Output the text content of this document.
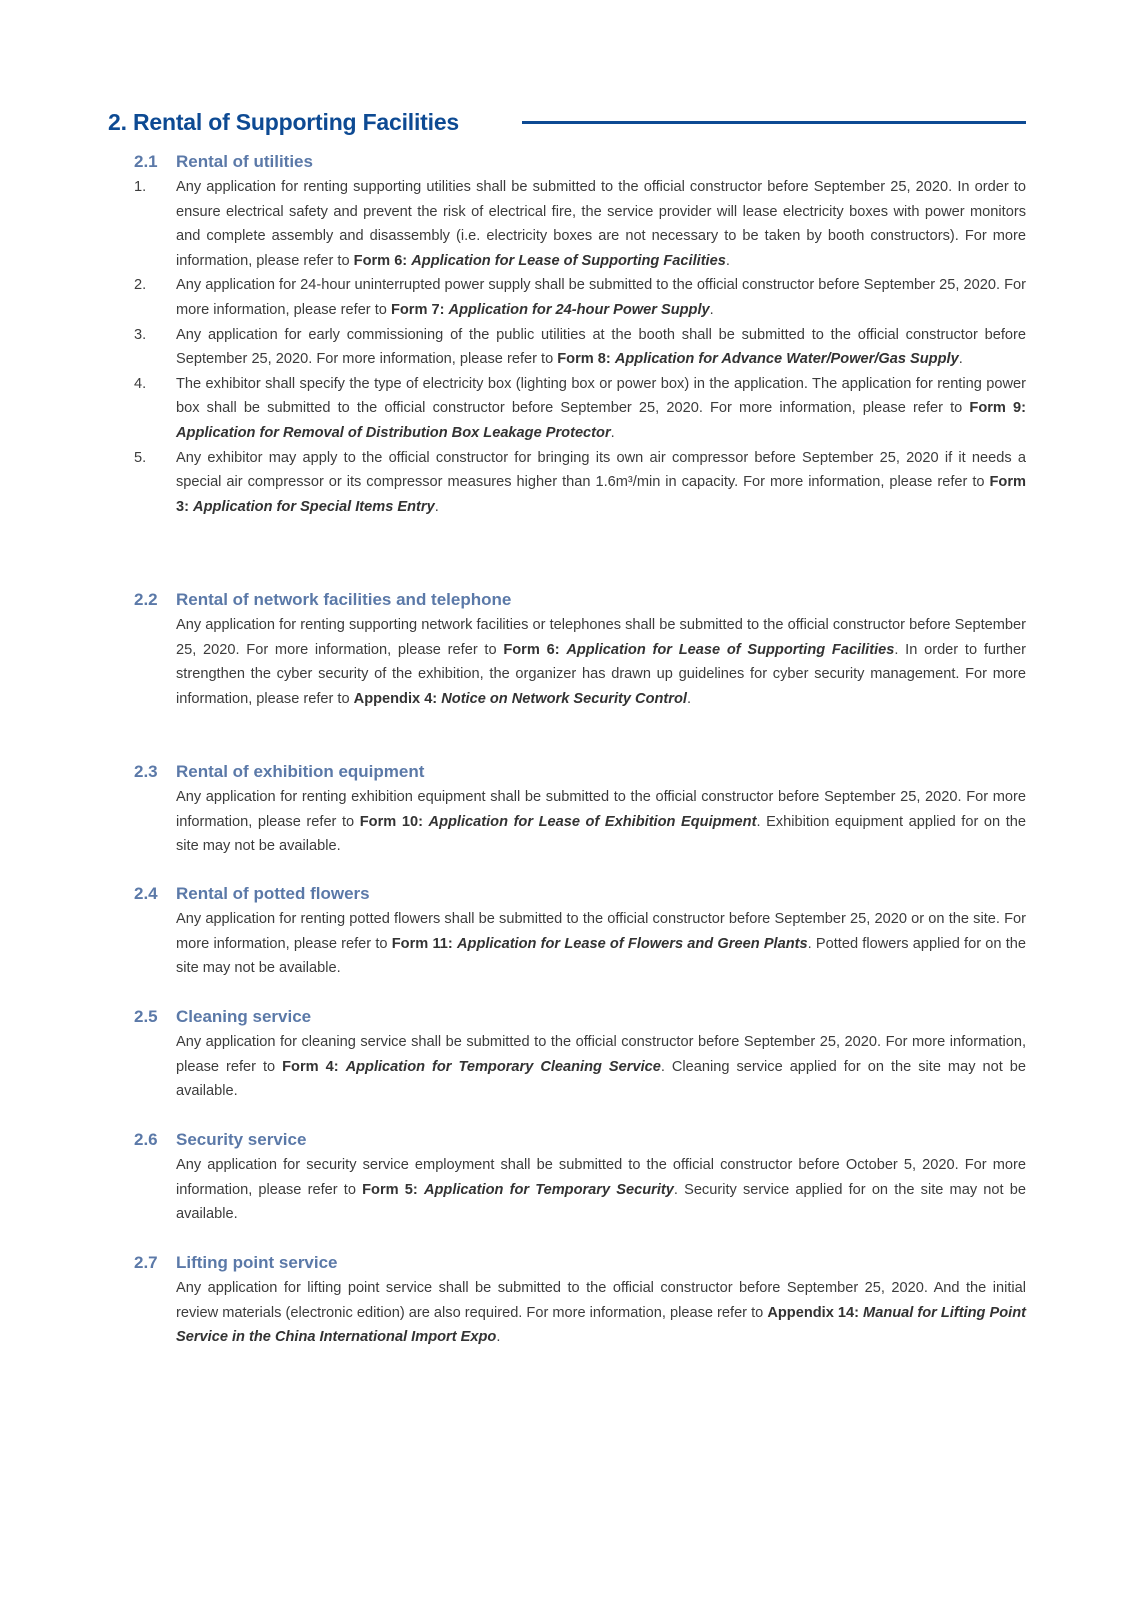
2. Rental of Supporting Facilities
2.1 Rental of utilities
1.	Any application for renting supporting utilities shall be submitted to the official constructor before September 25, 2020. In order to ensure electrical safety and prevent the risk of electrical fire, the service provider will lease electricity boxes with power monitors and complete assembly and disassembly (i.e. electricity boxes are not necessary to be taken by booth constructors). For more information, please refer to Form 6: Application for Lease of Supporting Facilities.
2.	Any application for 24-hour uninterrupted power supply shall be submitted to the official constructor before September 25, 2020. For more information, please refer to Form 7: Application for 24-hour Power Supply.
3.	Any application for early commissioning of the public utilities at the booth shall be submitted to the official constructor before September 25, 2020. For more information, please refer to Form 8: Application for Advance Water/Power/Gas Supply.
4.	The exhibitor shall specify the type of electricity box (lighting box or power box) in the application. The application for renting power box shall be submitted to the official constructor before September 25, 2020. For more information, please refer to Form 9: Application for Removal of Distribution Box Leakage Protector.
5.	Any exhibitor may apply to the official constructor for bringing its own air compressor before September 25, 2020 if it needs a special air compressor or its compressor measures higher than 1.6m³/min in capacity. For more information, please refer to Form 3: Application for Special Items Entry.
2.2 Rental of network facilities and telephone
Any application for renting supporting network facilities or telephones shall be submitted to the official constructor before September 25, 2020. For more information, please refer to Form 6: Application for Lease of Supporting Facilities. In order to further strengthen the cyber security of the exhibition, the organizer has drawn up guidelines for cyber security management. For more information, please refer to Appendix 4: Notice on Network Security Control.
2.3 Rental of exhibition equipment
Any application for renting exhibition equipment shall be submitted to the official constructor before September 25, 2020. For more information, please refer to Form 10: Application for Lease of Exhibition Equipment. Exhibition equipment applied for on the site may not be available.
2.4 Rental of potted flowers
Any application for renting potted flowers shall be submitted to the official constructor before September 25, 2020 or on the site. For more information, please refer to Form 11: Application for Lease of Flowers and Green Plants. Potted flowers applied for on the site may not be available.
2.5 Cleaning service
Any application for cleaning service shall be submitted to the official constructor before September 25, 2020. For more information, please refer to Form 4: Application for Temporary Cleaning Service. Cleaning service applied for on the site may not be available.
2.6 Security service
Any application for security service employment shall be submitted to the official constructor before October 5, 2020. For more information, please refer to Form 5: Application for Temporary Security. Security service applied for on the site may not be available.
2.7 Lifting point service
Any application for lifting point service shall be submitted to the official constructor before September 25, 2020. And the initial review materials (electronic edition) are also required. For more information, please refer to Appendix 14: Manual for Lifting Point Service in the China International Import Expo.
